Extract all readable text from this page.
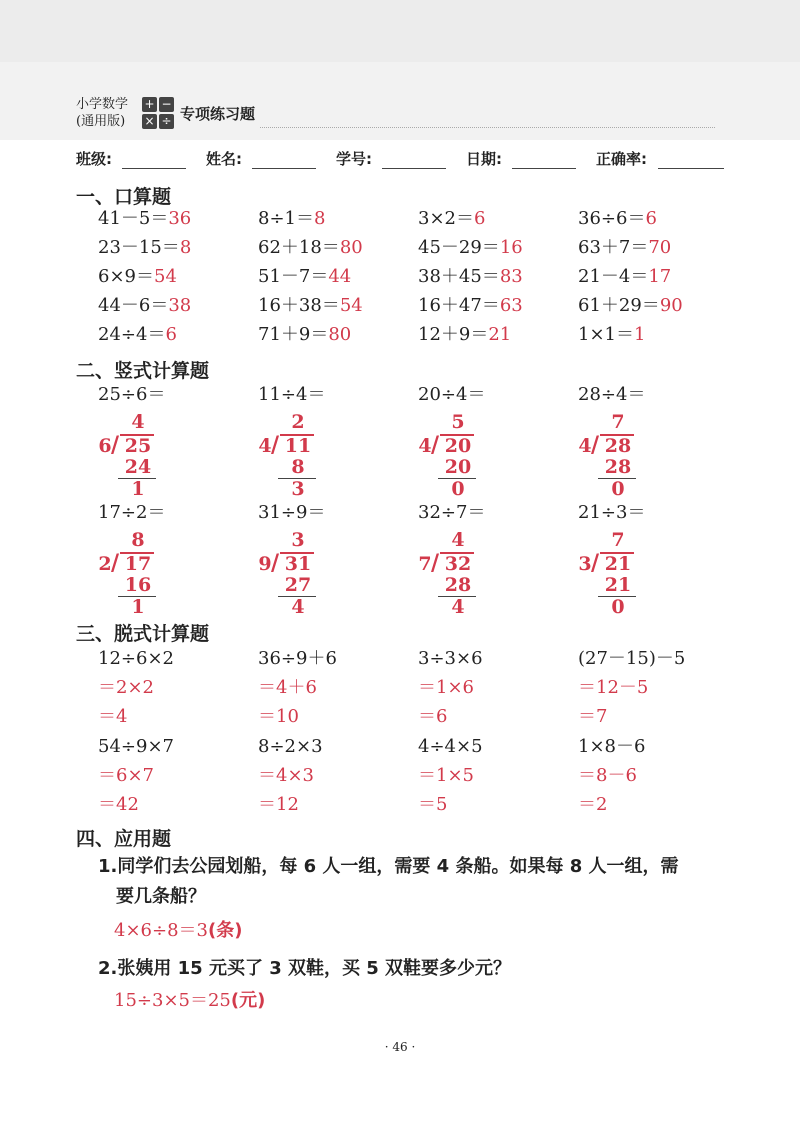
小学数学
(通用版)
+ −
× ÷ 专项练习题
班级:	姓名:	学号:	日期:	正确率:
一、口算题
41－5＝36	8÷1＝8	3×2＝6	36÷6＝6
23－15＝8	62＋18＝80	45－29＝16	63＋7＝70
6×9＝54	51－7＝44	38＋45＝83	21－4＝17
44－6＝38	16＋38＝54	16＋47＝63	61＋29＝90
24÷4＝6	71＋9＝80	12＋9＝21	1×1＝1
二、竖式计算题
25÷6＝
4
6 / 25
24
1
11÷4＝
2
4 / 11
8
3
20÷4＝
5
4 / 20
20
0
28÷4＝
7
4 / 28
28
0
17÷2＝
8
2 / 17
16
1
31÷9＝
3
9 / 31
27
4
32÷7＝
4
7 / 32
28
4
21÷3＝
7
3 / 21
21
0
三、脱式计算题
12÷6×2
＝2×2
＝4
36÷9＋6
＝4＋6
＝10
3÷3×6
＝1×6
＝6
(27－15)－5
＝12－5
＝7
54÷9×7
＝6×7
＝42
8÷2×3
＝4×3
＝12
4÷4×5
＝1×5
＝5
1×8－6
＝8－6
＝2
四、应用题
1.同学们去公园划船，每 6 人一组，需要 4 条船。如果每 8 人一组，需
要几条船？
4×6÷8＝3(条)
2.张姨用 15 元买了 3 双鞋，买 5 双鞋要多少元？
15÷3×5＝25(元)
· 46 ·
